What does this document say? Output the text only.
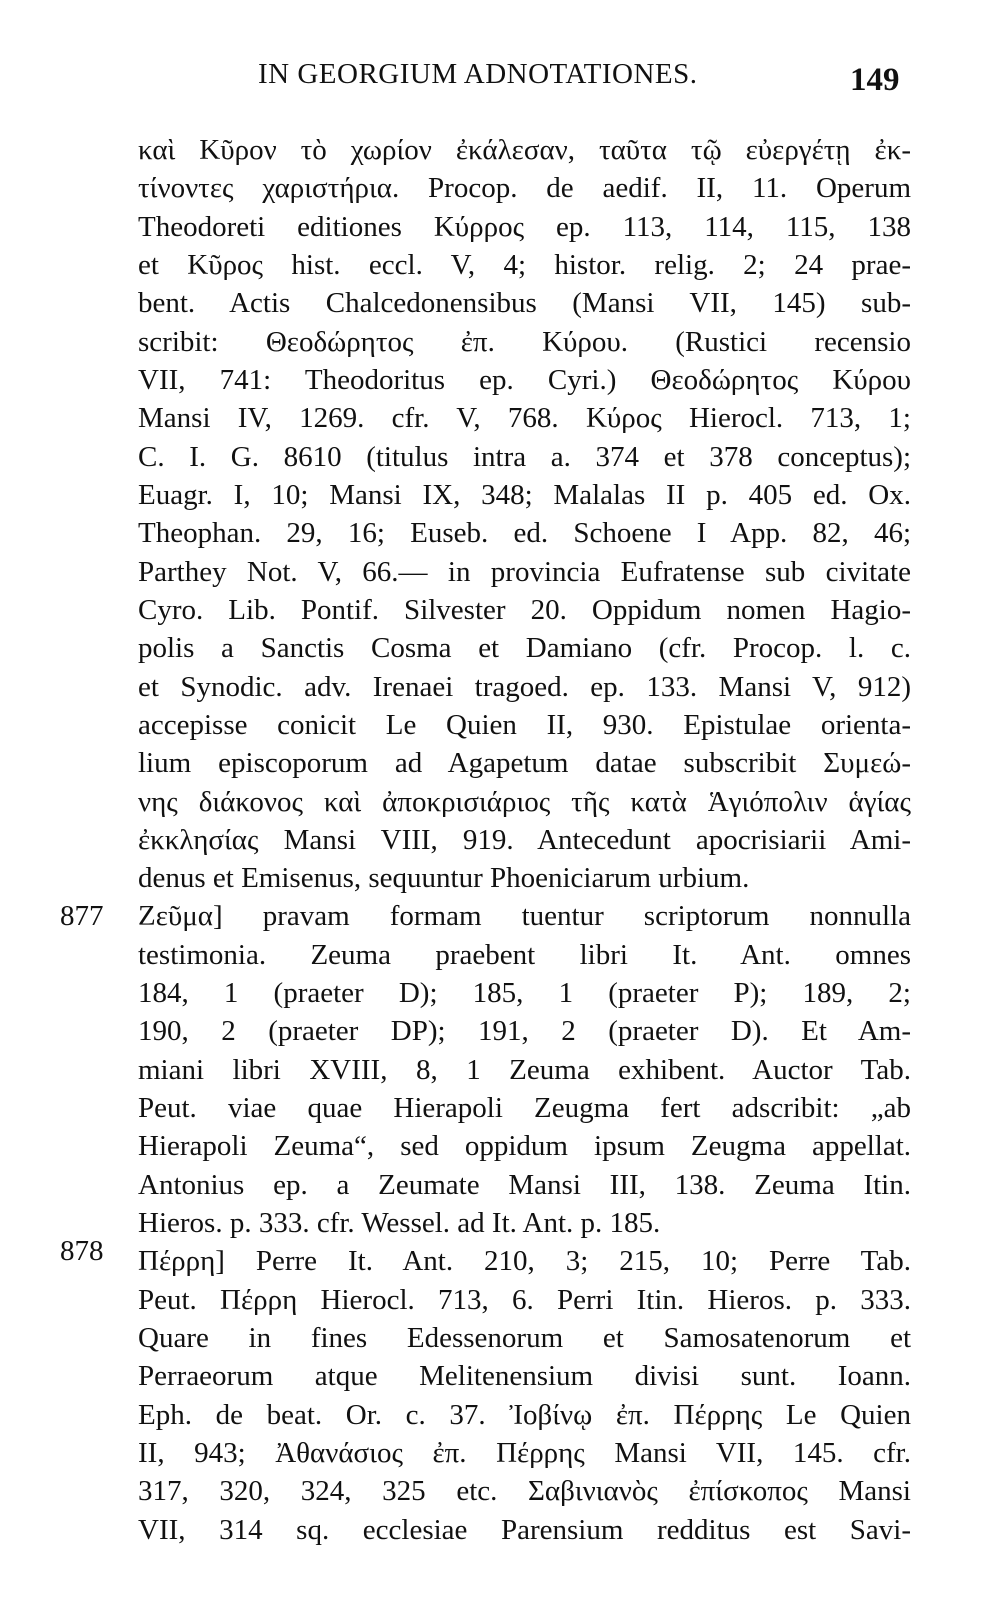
IN GEORGIUM ADNOTATIONES.	149
877
878
καὶ Κῦρον τὸ χωρίον ἐκάλεσαν, ταῦτα τῷ εὐεργέτῃ ἐκ-
τίνοντες χαριστήρια. Procop. de aedif. II, 11. Operum
Theodoreti editiones Κύρρος ep. 113, 114, 115, 138
et Κῦρος hist. eccl. V, 4; histor. relig. 2; 24 prae-
bent. Actis Chalcedonensibus (Mansi VII, 145) sub-
scribit: Θεοδώρητος ἐπ. Κύρου. (Rustici recensio
VII, 741: Theodoritus ep. Cyri.) Θεοδώρητος Κύρου
Mansi IV, 1269. cfr. V, 768. Κύρος Hierocl. 713, 1;
C. I. G. 8610 (titulus intra a. 374 et 378 conceptus);
Euagr. I, 10; Mansi IX, 348; Malalas II p. 405 ed. Ox.
Theophan. 29, 16; Euseb. ed. Schoene I App. 82, 46;
Parthey Not. V, 66.— in provincia Eufratense sub civitate
Cyro. Lib. Pontif. Silvester 20. Oppidum nomen Hagio-
polis a Sanctis Cosma et Damiano (cfr. Procop. l. c.
et Synodic. adv. Irenaei tragoed. ep. 133. Mansi V, 912)
accepisse conicit Le Quien II, 930. Epistulae orienta-
lium episcoporum ad Agapetum datae subscribit Συμεώ-
νης διάκονος καὶ ἀποκρισιάριος τῆς κατὰ Ἁγιόπολιν ἁγίας
ἐκκλησίας Mansi VIII, 919. Antecedunt apocrisiarii Ami-
denus et Emisenus, sequuntur Phoeniciarum urbium.
Ζεῦμα] pravam formam tuentur scriptorum nonnulla
testimonia. Zeuma praebent libri It. Ant. omnes
184, 1 (praeter D); 185, 1 (praeter P); 189, 2;
190, 2 (praeter DP); 191, 2 (praeter D). Et Am-
miani libri XVIII, 8, 1 Zeuma exhibent. Auctor Tab.
Peut. viae quae Hierapoli Zeugma fert adscribit: „ab
Hierapoli Zeuma“, sed oppidum ipsum Zeugma appellat.
Antonius ep. a Zeumate Mansi III, 138. Zeuma Itin.
Hieros. p. 333. cfr. Wessel. ad It. Ant. p. 185.
Πέρρη] Perre It. Ant. 210, 3; 215, 10; Perre Tab.
Peut. Πέρρη Hierocl. 713, 6. Perri Itin. Hieros. p. 333.
Quare in fines Edessenorum et Samosatenorum et
Perraeorum atque Melitenensium divisi sunt. Ioann.
Eph. de beat. Or. c. 37. Ἰοβίνῳ ἐπ. Πέρρης Le Quien
II, 943; Ἀθανάσιος ἐπ. Πέρρης Mansi VII, 145. cfr.
317, 320, 324, 325 etc. Σαβινιανὸς ἐπίσκοπος Mansi
VII, 314 sq. ecclesiae Parensium redditus est Savi-
